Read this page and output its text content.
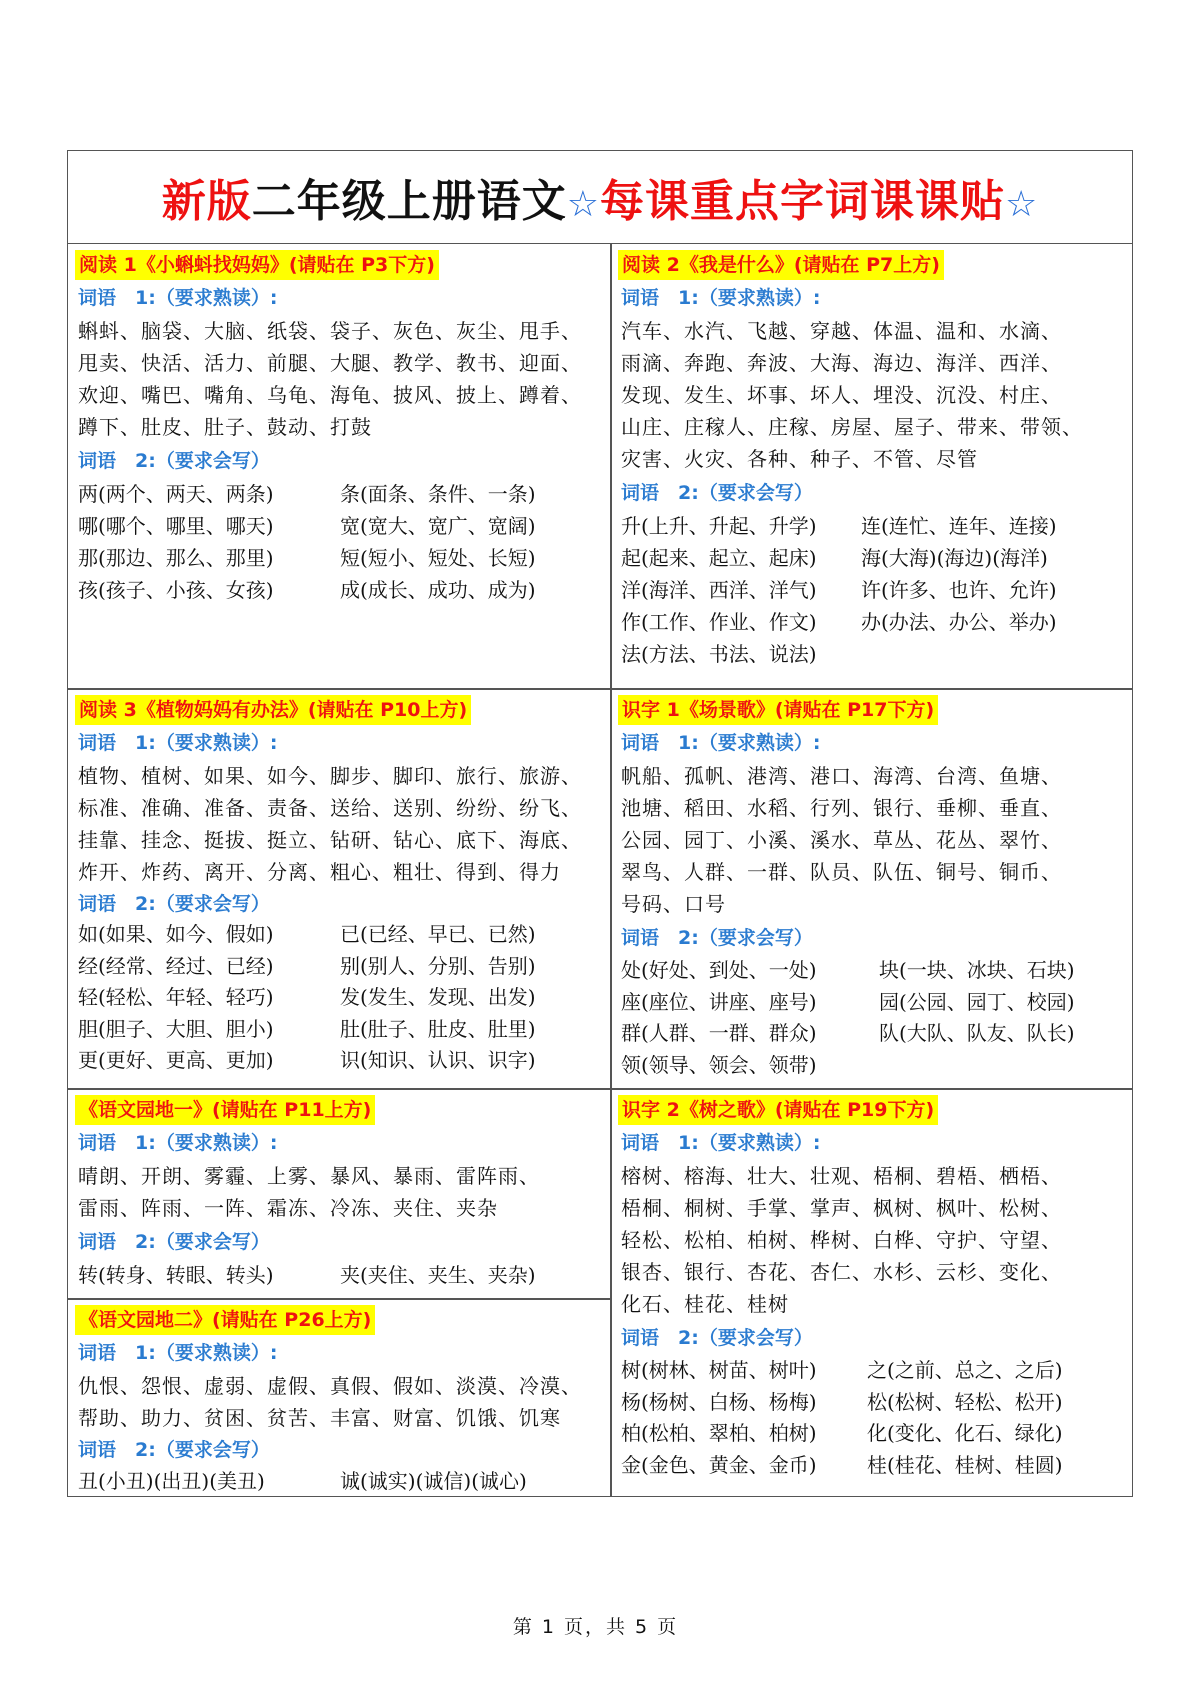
新版二年级上册语文☆每课重点字词课课贴☆
阅读 1《小蝌蚪找妈妈》(请贴在 P3下方)
词语　1:（要求熟读）:
蝌蚪、脑袋、大脑、纸袋、袋子、灰色、灰尘、甩手、
甩卖、快活、活力、前腿、大腿、教学、教书、迎面、
欢迎、嘴巴、嘴角、乌龟、海龟、披风、披上、蹲着、
蹲下、肚皮、肚子、鼓动、打鼓
词语　2:（要求会写）
两(两个、两天、两条)	条(面条、条件、一条)
哪(哪个、哪里、哪天)	宽(宽大、宽广、宽阔)
那(那边、那么、那里)	短(短小、短处、长短)
孩(孩子、小孩、女孩)	成(成长、成功、成为)
阅读 2《我是什么》(请贴在 P7上方)
词语　1:（要求熟读）:
汽车、水汽、飞越、穿越、体温、温和、水滴、
雨滴、奔跑、奔波、大海、海边、海洋、西洋、
发现、发生、坏事、坏人、埋没、沉没、村庄、
山庄、庄稼人、庄稼、房屋、屋子、带来、带领、
灾害、火灾、各种、种子、不管、尽管
词语　2:（要求会写）
升(上升、升起、升学)	连(连忙、连年、连接)
起(起来、起立、起床)	海(大海)(海边)(海洋)
洋(海洋、西洋、洋气)	许(许多、也许、允许)
作(工作、作业、作文)	办(办法、办公、举办)
法(方法、书法、说法)
阅读 3《植物妈妈有办法》(请贴在 P10上方)
词语　1:（要求熟读）:
植物、植树、如果、如今、脚步、脚印、旅行、旅游、
标准、准确、准备、责备、送给、送别、纷纷、纷飞、
挂靠、挂念、挺拔、挺立、钻研、钻心、底下、海底、
炸开、炸药、离开、分离、粗心、粗壮、得到、得力
词语　2:（要求会写）
如(如果、如今、假如)	已(已经、早已、已然)
经(经常、经过、已经)	别(别人、分别、告别)
轻(轻松、年轻、轻巧)	发(发生、发现、出发)
胆(胆子、大胆、胆小)	肚(肚子、肚皮、肚里)
更(更好、更高、更加)	识(知识、认识、识字)
识字 1《场景歌》(请贴在 P17下方)
词语　1:（要求熟读）:
帆船、孤帆、港湾、港口、海湾、台湾、鱼塘、
池塘、稻田、水稻、行列、银行、垂柳、垂直、
公园、园丁、小溪、溪水、草丛、花丛、翠竹、
翠鸟、人群、一群、队员、队伍、铜号、铜币、
号码、口号
词语　2:（要求会写）
处(好处、到处、一处)	块(一块、冰块、石块)
座(座位、讲座、座号)	园(公园、园丁、校园)
群(人群、一群、群众)	队(大队、队友、队长)
领(领导、领会、领带)
《语文园地一》(请贴在 P11上方)
词语　1:（要求熟读）:
晴朗、开朗、雾霾、上雾、暴风、暴雨、雷阵雨、
雷雨、阵雨、一阵、霜冻、冷冻、夹住、夹杂
词语　2:（要求会写）
转(转身、转眼、转头)	夹(夹住、夹生、夹杂)
识字 2《树之歌》(请贴在 P19下方)
词语　1:（要求熟读）:
榕树、榕海、壮大、壮观、梧桐、碧梧、栖梧、
梧桐、桐树、手掌、掌声、枫树、枫叶、松树、
轻松、松柏、柏树、桦树、白桦、守护、守望、
银杏、银行、杏花、杏仁、水杉、云杉、变化、
化石、桂花、桂树
词语　2:（要求会写）
树(树林、树苗、树叶)	之(之前、总之、之后)
杨(杨树、白杨、杨梅)	松(松树、轻松、松开)
柏(松柏、翠柏、柏树)	化(变化、化石、绿化)
金(金色、黄金、金币)	桂(桂花、桂树、桂圆)
《语文园地二》(请贴在 P26上方)
词语　1:（要求熟读）:
仇恨、怨恨、虚弱、虚假、真假、假如、淡漠、冷漠、
帮助、助力、贫困、贫苦、丰富、财富、饥饿、饥寒
词语　2:（要求会写）
丑(小丑)(出丑)(美丑)	诚(诚实)(诚信)(诚心)
第 1 页，共 5 页
